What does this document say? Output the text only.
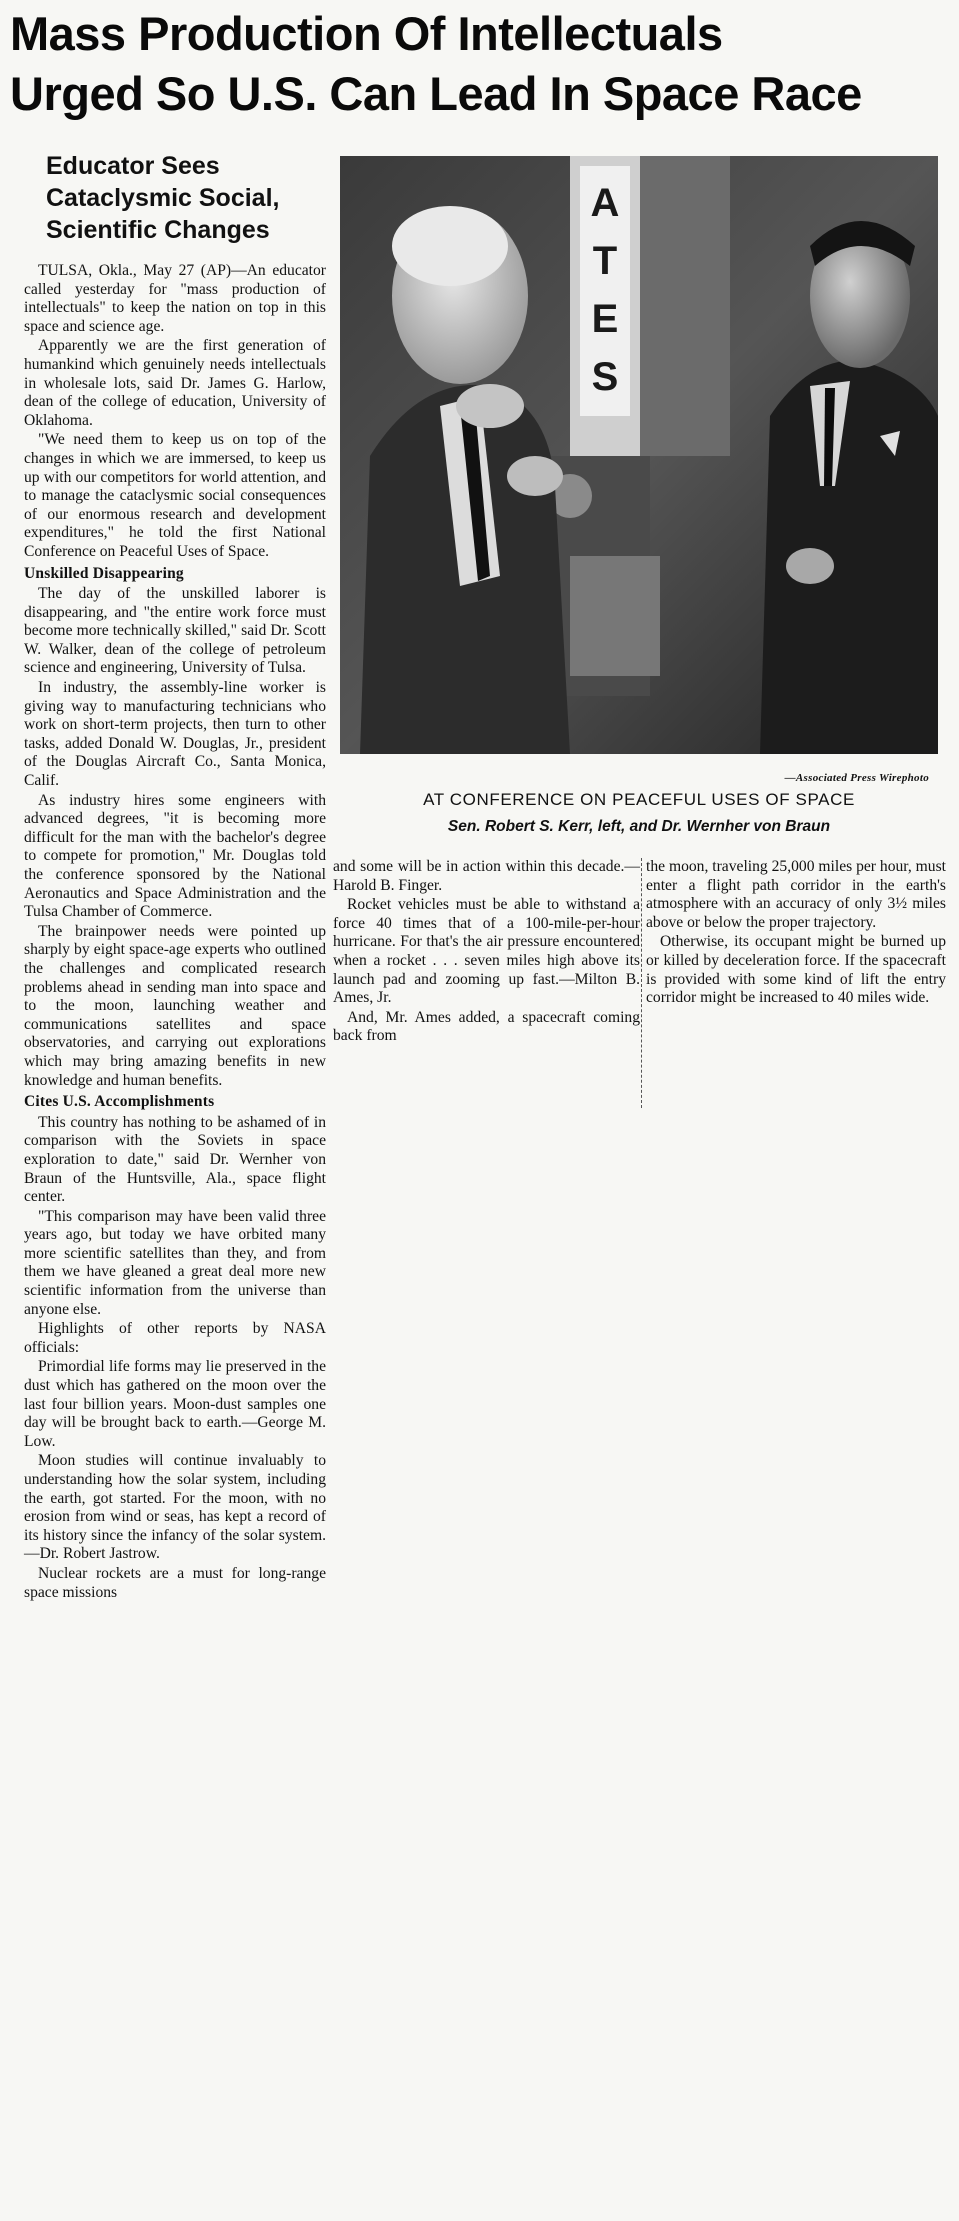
Mass Production Of Intellectuals
Urged So U.S. Can Lead In Space Race
Educator Sees
Cataclysmic Social,
Scientific Changes

TULSA, Okla., May 27 (AP)—An educator called yesterday for "mass production of intellectuals" to keep the nation on top in this space and science age.

Apparently we are the first generation of humankind which genuinely needs intellectuals in wholesale lots, said Dr. James G. Harlow, dean of the college of education, University of Oklahoma.

"We need them to keep us on top of the changes in which we are immersed, to keep us up with our competitors for world attention, and to manage the cataclysmic social consequences of our enormous research and development expenditures," he told the first National Conference on Peaceful Uses of Space.

Unskilled Disappearing

The day of the unskilled laborer is disappearing, and "the entire work force must become more technically skilled," said Dr. Scott W. Walker, dean of the college of petroleum science and engineering, University of Tulsa.

In industry, the assembly-line worker is giving way to manufacturing technicians who work on short-term projects, then turn to other tasks, added Donald W. Douglas, Jr., president of the Douglas Aircraft Co., Santa Monica, Calif.

As industry hires some engineers with advanced degrees, "it is becoming more difficult for the man with the bachelor's degree to compete for promotion," Mr. Douglas told the conference sponsored by the National Aeronautics and Space Administration and the Tulsa Chamber of Commerce.

The brainpower needs were pointed up sharply by eight space-age experts who outlined the challenges and complicated research problems ahead in sending man into space and to the moon, launching weather and communications satellites and space observatories, and carrying out explorations which may bring amazing benefits in new knowledge and human benefits.

Cites U.S. Accomplishments

This country has nothing to be ashamed of in comparison with the Soviets in space exploration to date," said Dr. Wernher von Braun of the Huntsville, Ala., space flight center.

"This comparison may have been valid three years ago, but today we have orbited many more scientific satellites than they, and from them we have gleaned a great deal more new scientific information from the universe than anyone else.

Highlights of other reports by NASA officials:

Primordial life forms may lie preserved in the dust which has gathered on the moon over the last four billion years. Moon-dust samples one day will be brought back to earth.—George M. Low.

Moon studies will continue invaluably to understanding how the solar system, including the earth, got started. For the moon, with no erosion from wind or seas, has kept a record of its history since the infancy of the solar system.—Dr. Robert Jastrow.

Nuclear rockets are a must for long-range space missions

A T E S
—Associated Press Wirephoto

AT CONFERENCE ON PEACEFUL USES OF SPACE

Sen. Robert S. Kerr, left, and Dr. Wernher von Braun

and some will be in action within this decade.—Harold B. Finger.

Rocket vehicles must be able to withstand a force 40 times that of a 100-mile-per-hour hurricane. For that's the air pressure encountered when a rocket . . . seven miles high above its launch pad and zooming up fast.—Milton B. Ames, Jr.

And, Mr. Ames added, a spacecraft coming back from

the moon, traveling 25,000 miles per hour, must enter a flight path corridor in the earth's atmosphere with an accuracy of only 3½ miles above or below the proper trajectory.

Otherwise, its occupant might be burned up or killed by deceleration force. If the spacecraft is provided with some kind of lift the entry corridor might be increased to 40 miles wide.
